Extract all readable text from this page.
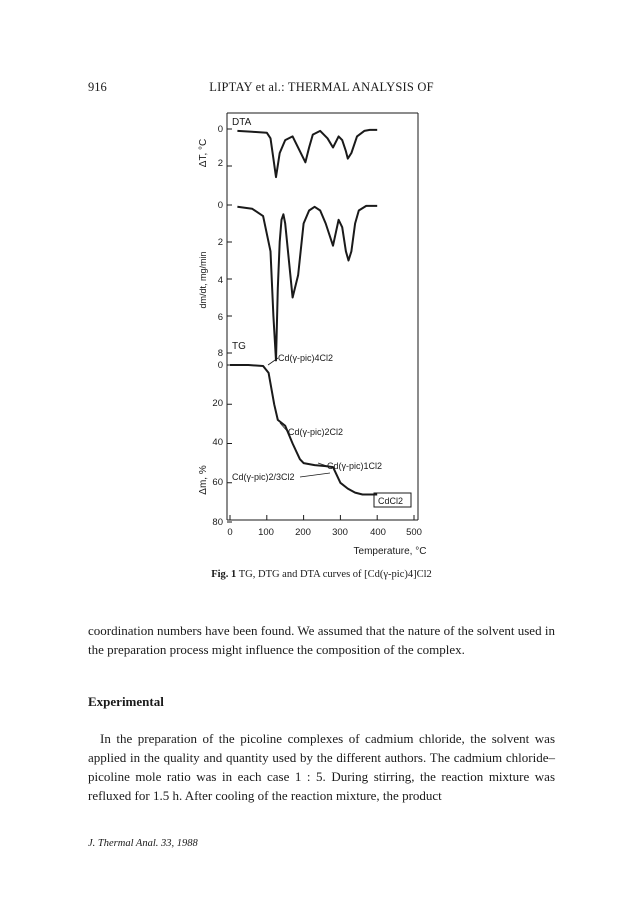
916	LIPTAY et al.: THERMAL ANALYSIS OF
DTA
TG
ΔT, °C
dm/dt, mg/min
Δm, %
Temperature, °C
0
2
0
2
4
6
8
0
20
40
60
80
0	100 200 300 400 500
Cd(γ-pic)4Cl2
Cd(γ-pic)2Cl2
Cd(γ-pic)1Cl2
Cd(γ-pic)2/3Cl2
CdCl2
Fig. 1 TG, DTG and DTA curves of [Cd(γ-pic)4]Cl2
coordination numbers have been found. We assumed that the nature of the solvent used in the preparation process might influence the composition of the complex.
Experimental
In the preparation of the picoline complexes of cadmium chloride, the solvent was applied in the quality and quantity used by the different authors. The cadmium chloride–picoline mole ratio was in each case 1 : 5. During stirring, the reaction mixture was refluxed for 1.5 h. After cooling of the reaction mixture, the product
J. Thermal Anal. 33, 1988
